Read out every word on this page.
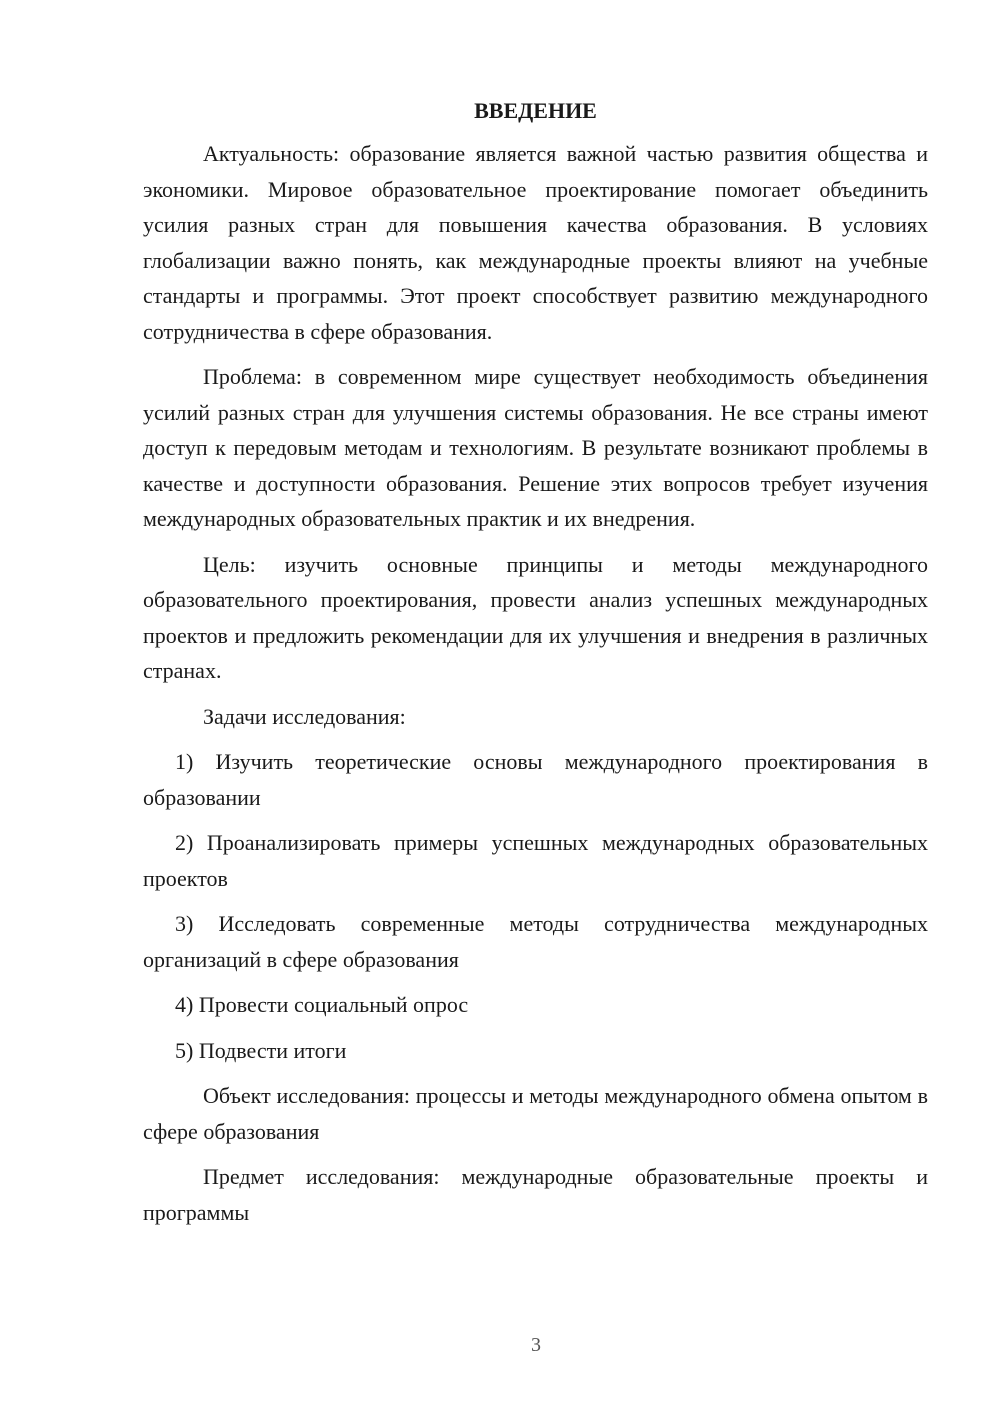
ВВЕДЕНИЕ

Актуальность: образование является важной частью развития общества и экономики. Мировое образовательное проектирование помогает объединить усилия разных стран для повышения качества образования. В условиях глобализации важно понять, как международные проекты влияют на учебные стандарты и программы. Этот проект способствует развитию международного сотрудничества в сфере образования.

Проблема: в современном мире существует необходимость объединения усилий разных стран для улучшения системы образования. Не все страны имеют доступ к передовым методам и технологиям. В результате возникают проблемы в качестве и доступности образования. Решение этих вопросов требует изучения международных образовательных практик и их внедрения.

Цель: изучить основные принципы и методы международного образовательного проектирования, провести анализ успешных международных проектов и предложить рекомендации для их улучшения и внедрения в различных странах.

Задачи исследования:

1) Изучить теоретические основы международного проектирования в образовании

2) Проанализировать примеры успешных международных образовательных проектов

3) Исследовать современные методы сотрудничества международных организаций в сфере образования

4) Провести социальный опрос

5) Подвести итоги

Объект исследования: процессы и методы международного обмена опытом в сфере образования

Предмет исследования: международные образовательные проекты и программы

3
